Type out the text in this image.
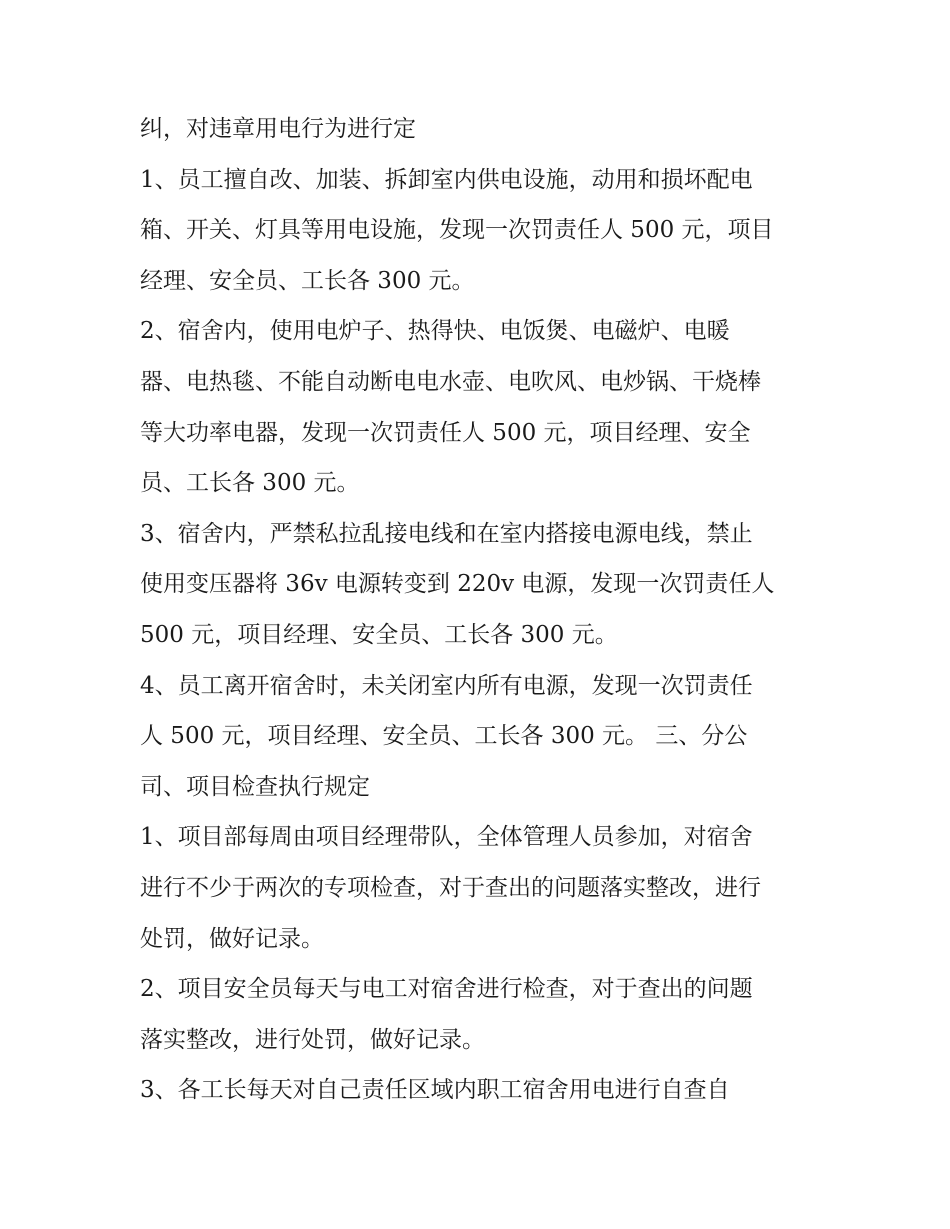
纠，对违章用电行为进行定
1、员工擅自改、加装、拆卸室内供电设施，动用和损坏配电
箱、开关、灯具等用电设施，发现一次罚责任人 500 元，项目
经理、安全员、工长各 300 元。
2、宿舍内，使用电炉子、热得快、电饭煲、电磁炉、电暖
器、电热毯、不能自动断电电水壶、电吹风、电炒锅、干烧棒
等大功率电器，发现一次罚责任人 500 元，项目经理、安全
员、工长各 300 元。
3、宿舍内，严禁私拉乱接电线和在室内搭接电源电线，禁止
使用变压器将 36v 电源转变到 220v 电源，发现一次罚责任人
500 元，项目经理、安全员、工长各 300 元。
4、员工离开宿舍时，未关闭室内所有电源，发现一次罚责任
人 500 元，项目经理、安全员、工长各 300 元。 三、分公
司、项目检查执行规定
1、项目部每周由项目经理带队，全体管理人员参加，对宿舍
进行不少于两次的专项检查，对于查出的问题落实整改，进行
处罚，做好记录。
2、项目安全员每天与电工对宿舍进行检查，对于查出的问题
落实整改，进行处罚，做好记录。
3、各工长每天对自己责任区域内职工宿舍用电进行自查自
